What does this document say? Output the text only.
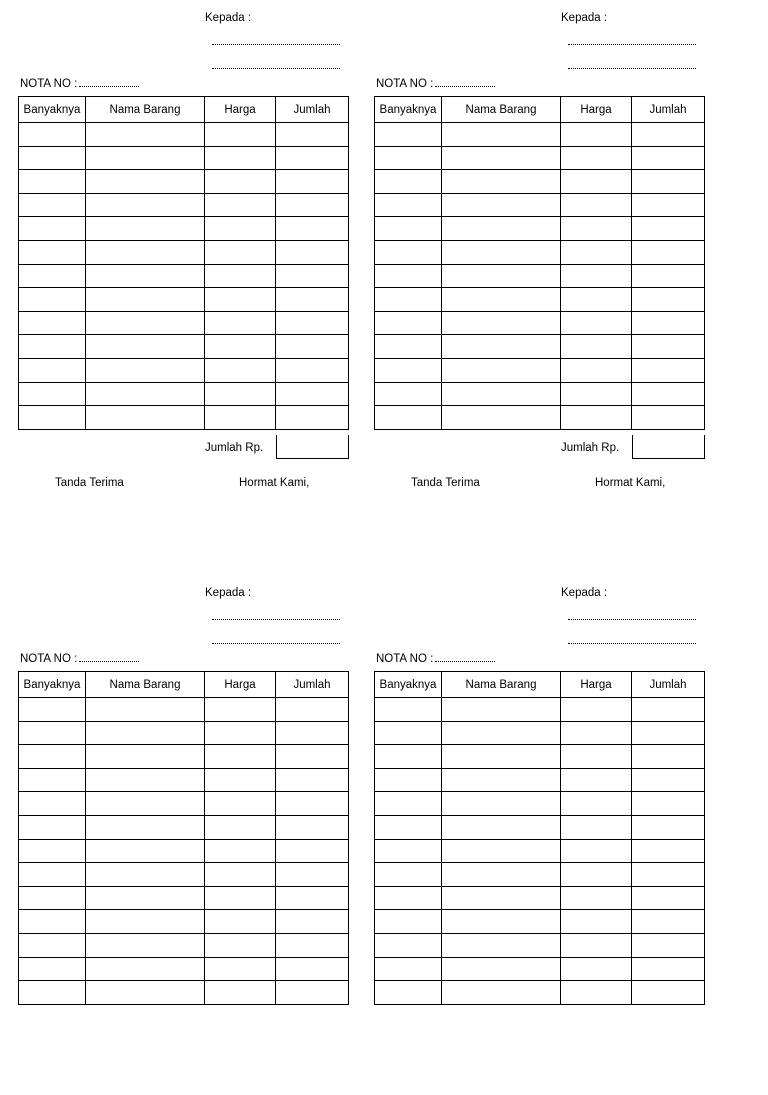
Kepada :
NOTA NO :
Banyaknya	Nama Barang	Harga	Jumlah

Jumlah Rp.
Tanda Terima	Hormat Kami,
Kepada :
NOTA NO :
Banyaknya	Nama Barang	Harga	Jumlah

Jumlah Rp.
Tanda Terima	Hormat Kami,
Kepada :
NOTA NO :
Banyaknya	Nama Barang	Harga	Jumlah

Kepada :
NOTA NO :
Banyaknya	Nama Barang	Harga	Jumlah
